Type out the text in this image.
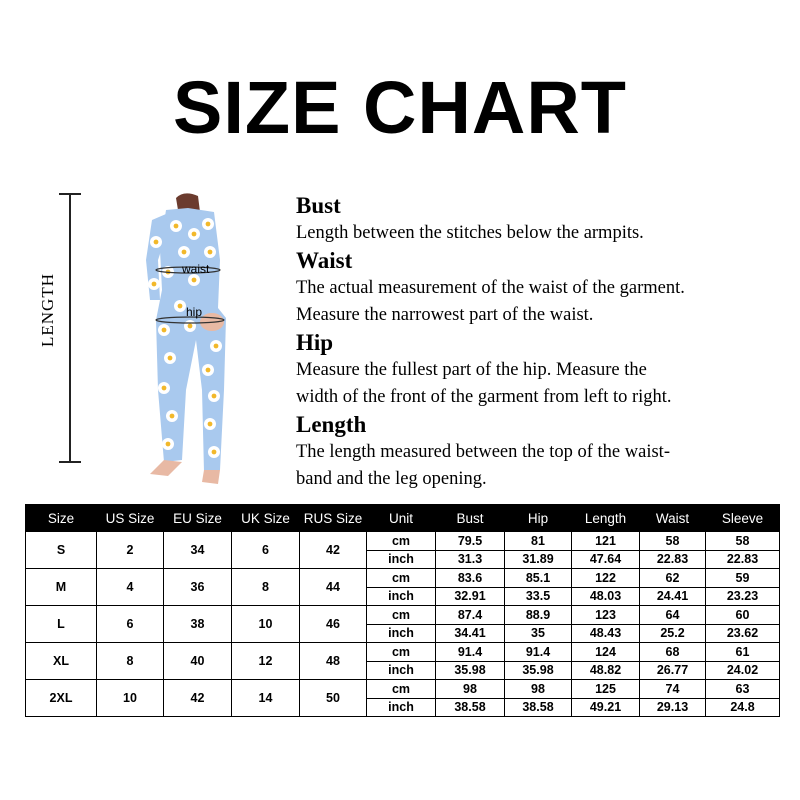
SIZE CHART
LENGTH
waist
hip
Bust

Length between the stitches below the armpits.

Waist

The actual measurement of the waist of the garment.

Measure the narrowest part of the waist.

Hip

Measure the fullest part of the hip. Measure the

width of the front of the garment from left to right.

Length

The length measured between the top of the waist-

band and the leg opening.

Size	US Size	EU Size	UK Size	RUS Size	Unit	Bust	Hip	Length	Waist	Sleeve
S	2	34	6	42	cm	79.5	81	121	58	58
					inch	31.3	31.89	47.64	22.83	22.83
M	4	36	8	44	cm	83.6	85.1	122	62	59
					inch	32.91	33.5	48.03	24.41	23.23
L	6	38	10	46	cm	87.4	88.9	123	64	60
					inch	34.41	35	48.43	25.2	23.62
XL	8	40	12	48	cm	91.4	91.4	124	68	61
					inch	35.98	35.98	48.82	26.77	24.02
2XL	10	42	14	50	cm	98	98	125	74	63
					inch	38.58	38.58	49.21	29.13	24.8
